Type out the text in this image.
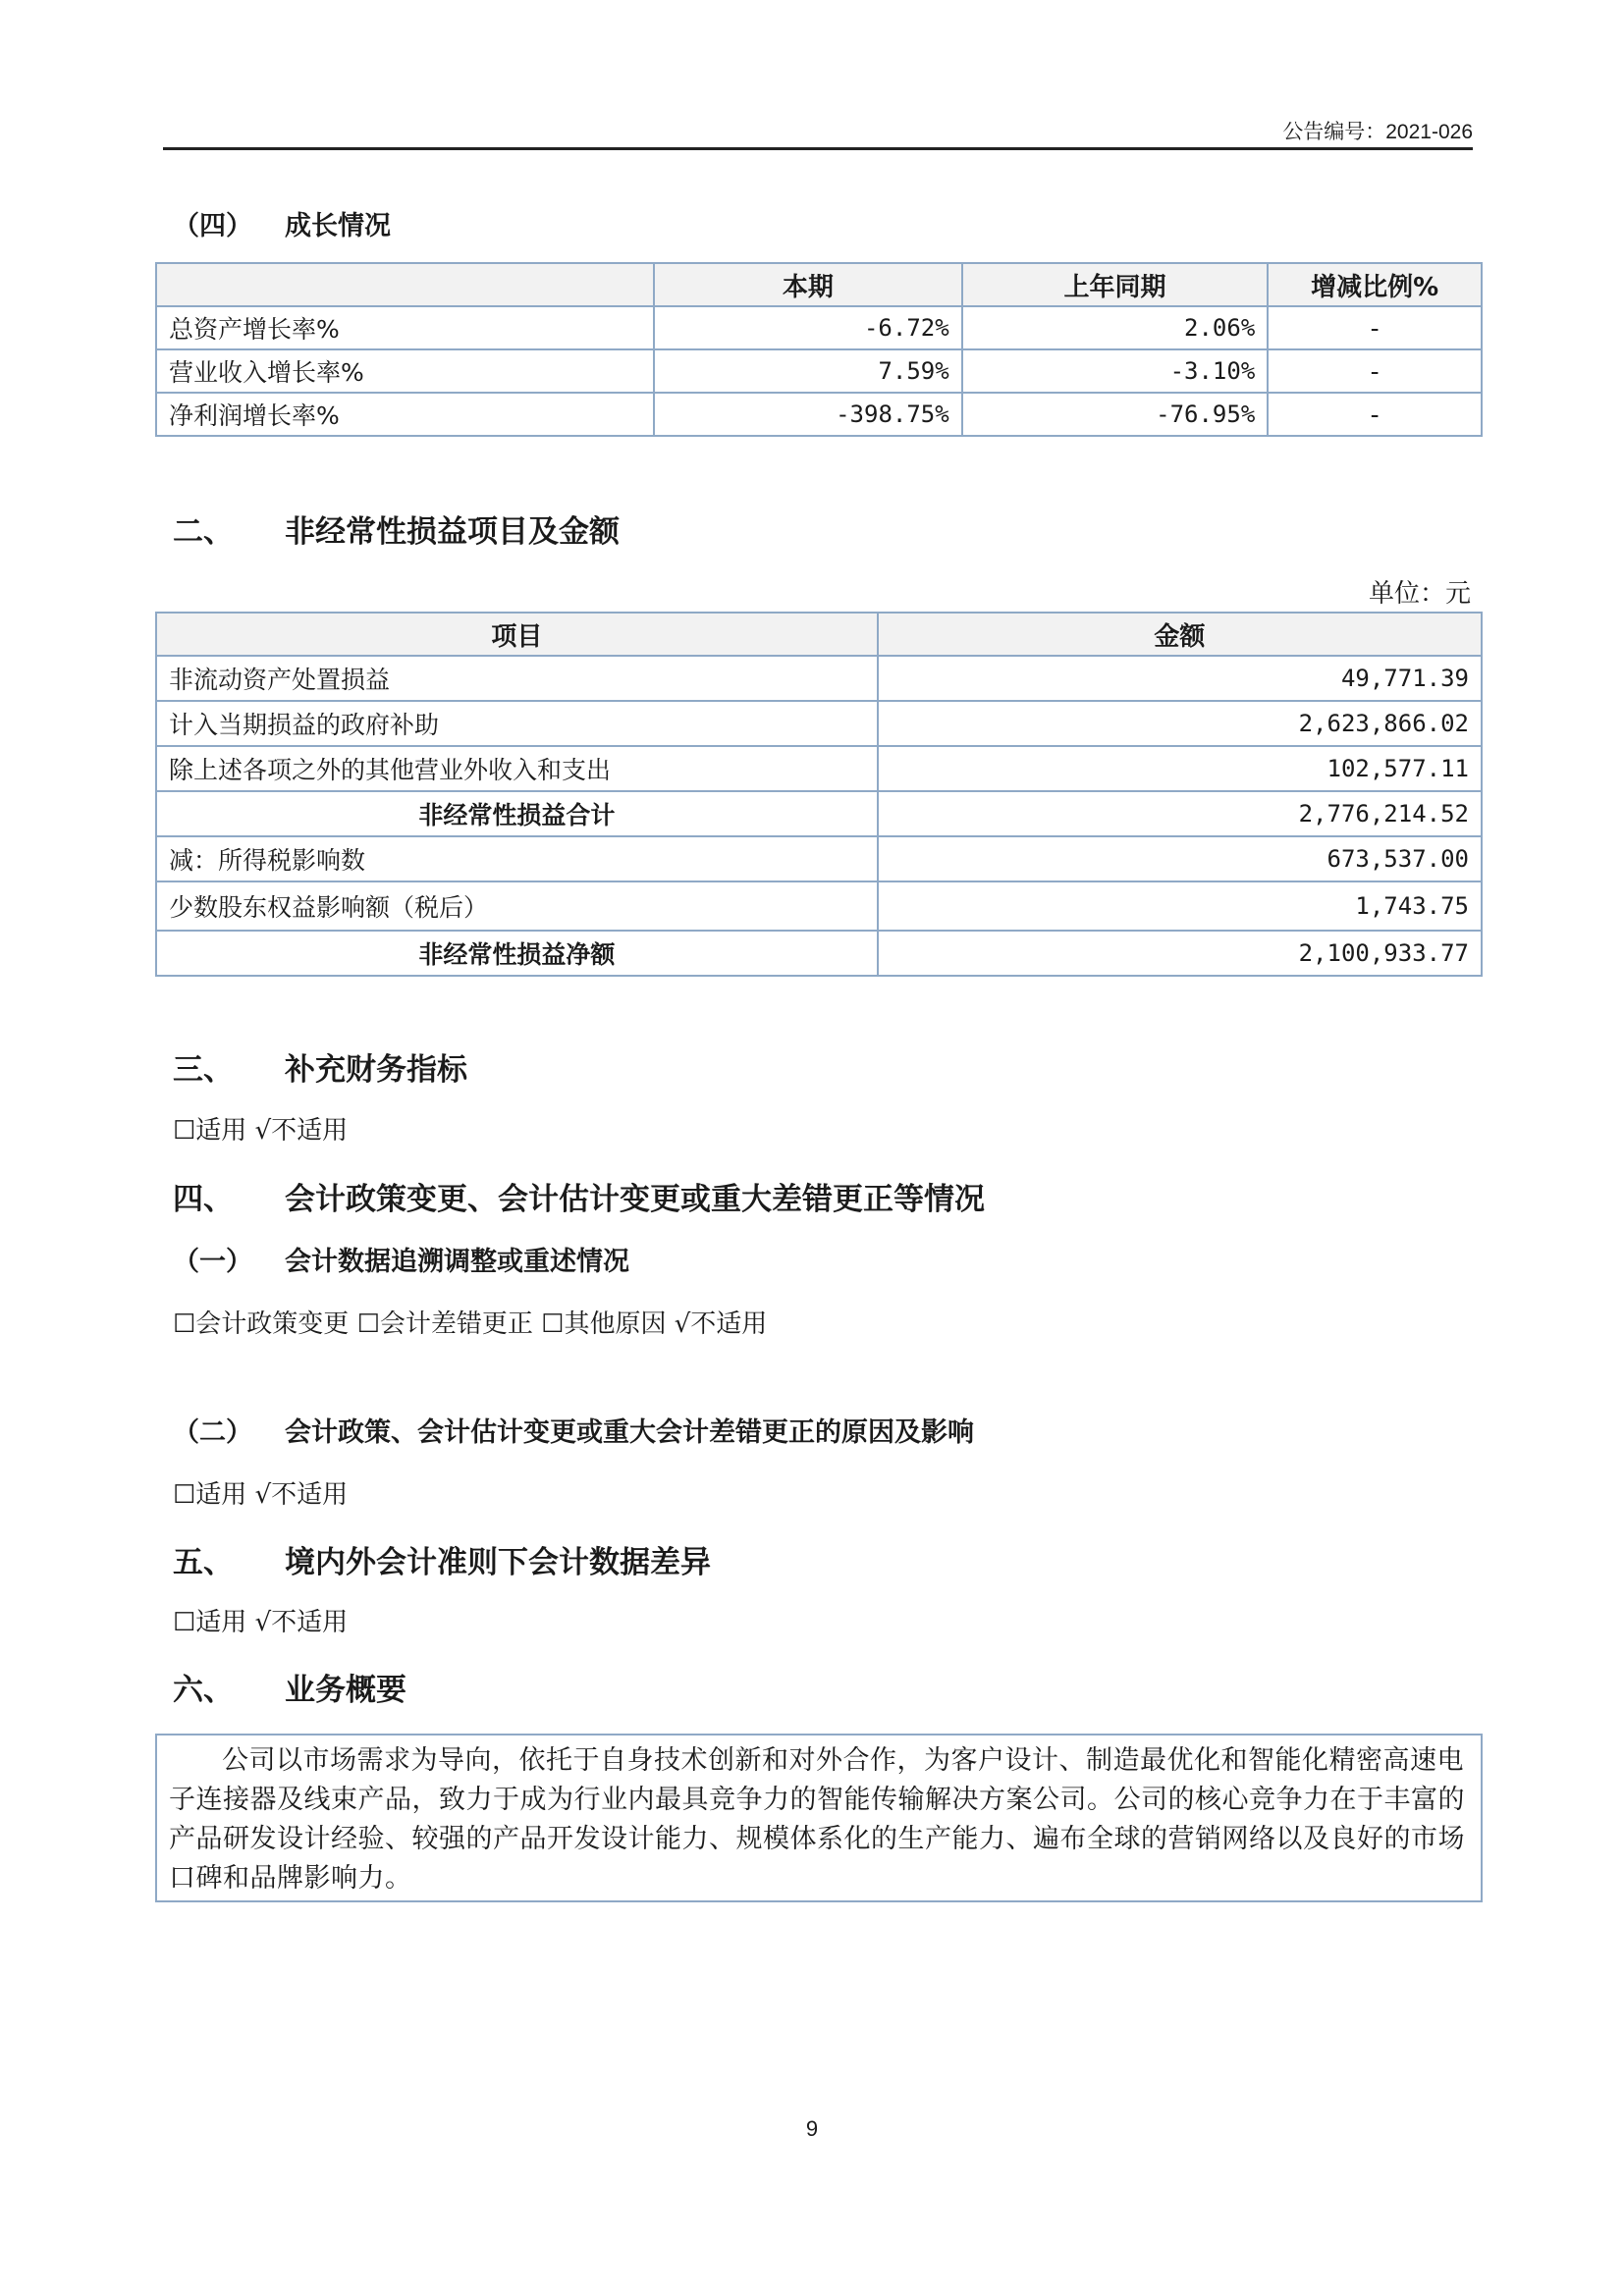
公告编号：2021-026
（四） 成长情况
	本期	上年同期	增减比例%
总资产增长率%	-6.72%	2.06%	-
营业收入增长率%	7.59%	-3.10%	-
净利润增长率%	-398.75%	-76.95%	-
二、 非经常性损益项目及金额
单位：元
项目	金额
非流动资产处置损益	49,771.39
计入当期损益的政府补助	2,623,866.02
除上述各项之外的其他营业外收入和支出	102,577.11
非经常性损益合计	2,776,214.52
减：所得税影响数	673,537.00
少数股东权益影响额（税后）	1,743.75
非经常性损益净额	2,100,933.77
三、 补充财务指标
☐适用 √不适用
四、 会计政策变更、会计估计变更或重大差错更正等情况
（一） 会计数据追溯调整或重述情况
☐会计政策变更 ☐会计差错更正 ☐其他原因 √不适用
（二） 会计政策、会计估计变更或重大会计差错更正的原因及影响
☐适用 √不适用
五、 境内外会计准则下会计数据差异
☐适用 √不适用
六、 业务概要

公司以市场需求为导向，依托于自身技术创新和对外合作，为客户设计、制造最优化和智能化精密高速电子连接器及线束产品，致力于成为行业内最具竞争力的智能传输解决方案公司。公司的核心竞争力在于丰富的产品研发设计经验、较强的产品开发设计能力、规模体系化的生产能力、遍布全球的营销网络以及良好的市场口碑和品牌影响力。

9
